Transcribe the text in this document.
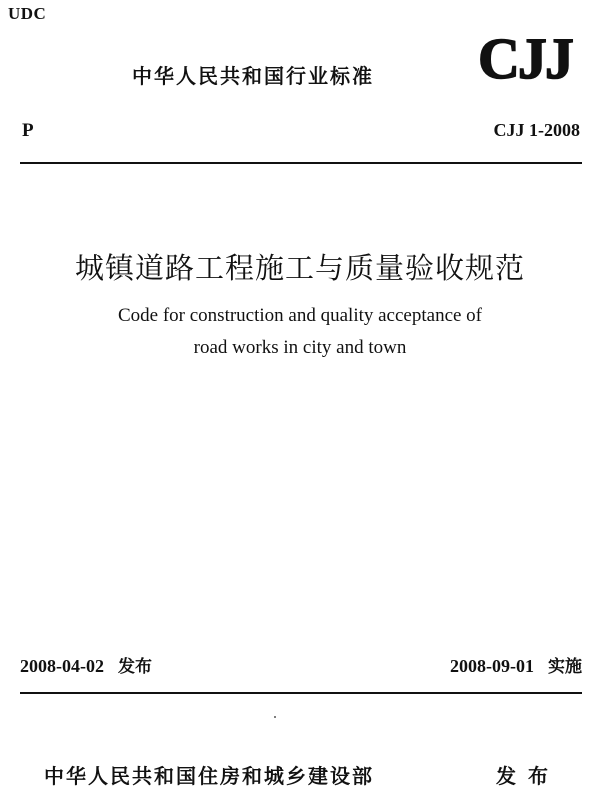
UDC
中华人民共和国行业标准 CJJ
P	CJJ 1-2008
城镇道路工程施工与质量验收规范
Code for construction and quality acceptance of
road works in city and town
2008-04-02 发布	2008-09-01 实施
中华人民共和国住房和城乡建设部	发布
